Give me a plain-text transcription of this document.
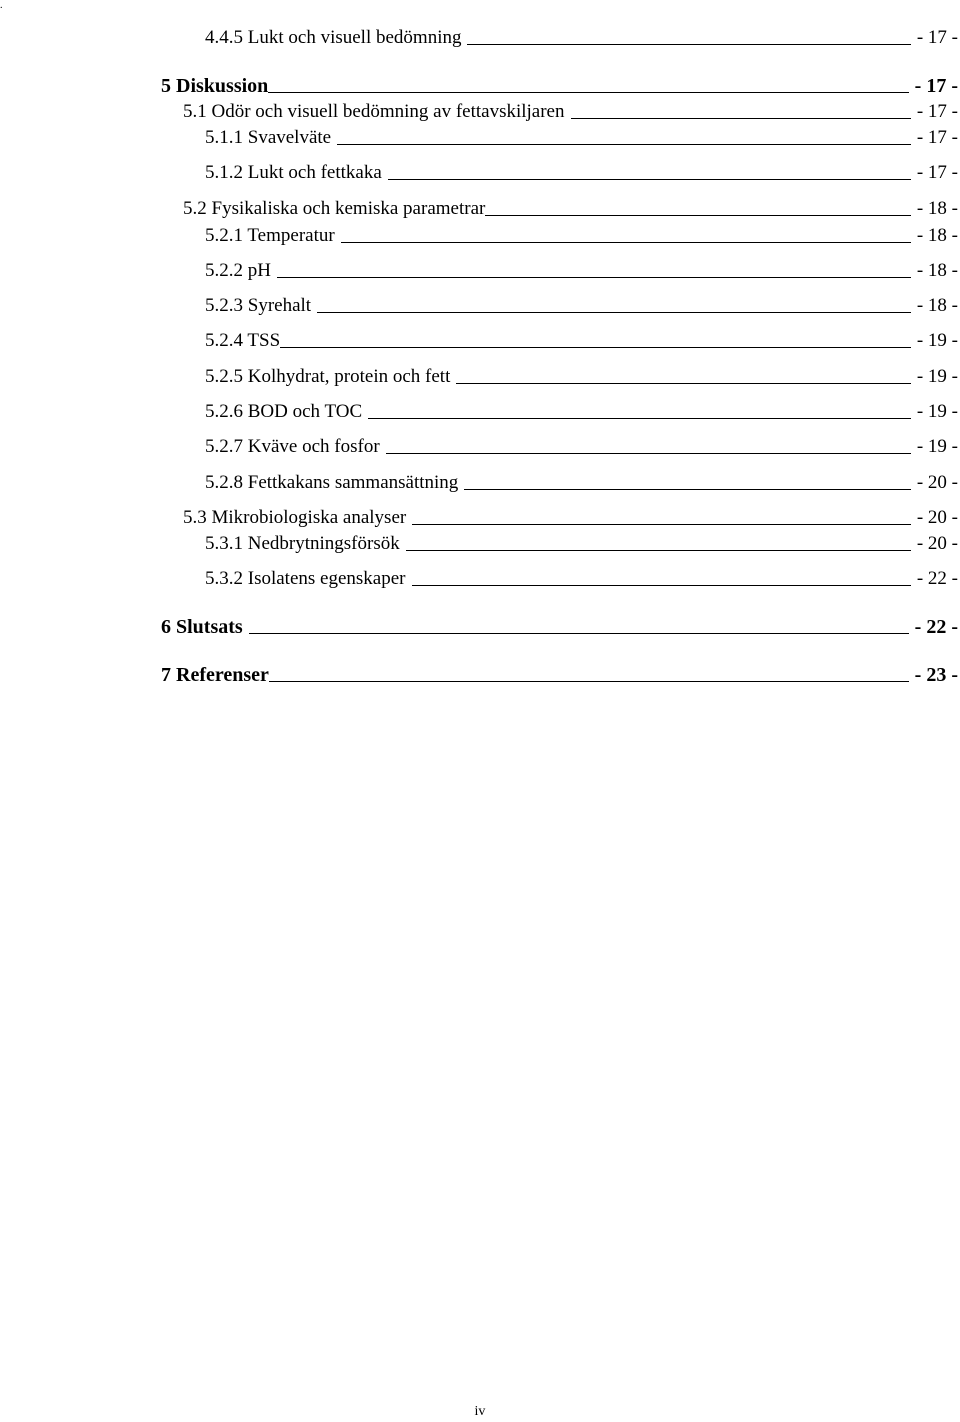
.
4.4.5 Lukt och visuell bedömning	- 17 -
5 Diskussion	- 17 -
5.1 Odör och visuell bedömning av fettavskiljaren	- 17 -
5.1.1 Svavelväte	- 17 -
5.1.2 Lukt och fettkaka	- 17 -
5.2 Fysikaliska och kemiska parametrar	- 18 -
5.2.1 Temperatur	- 18 -
5.2.2 pH	- 18 -
5.2.3 Syrehalt	- 18 -
5.2.4 TSS	- 19 -
5.2.5 Kolhydrat, protein och fett	- 19 -
5.2.6 BOD och TOC	- 19 -
5.2.7 Kväve och fosfor	- 19 -
5.2.8 Fettkakans sammansättning	- 20 -
5.3 Mikrobiologiska analyser	- 20 -
5.3.1 Nedbrytningsförsök	- 20 -
5.3.2 Isolatens egenskaper	- 22 -
6 Slutsats	- 22 -
7 Referenser	- 23 -
iv
